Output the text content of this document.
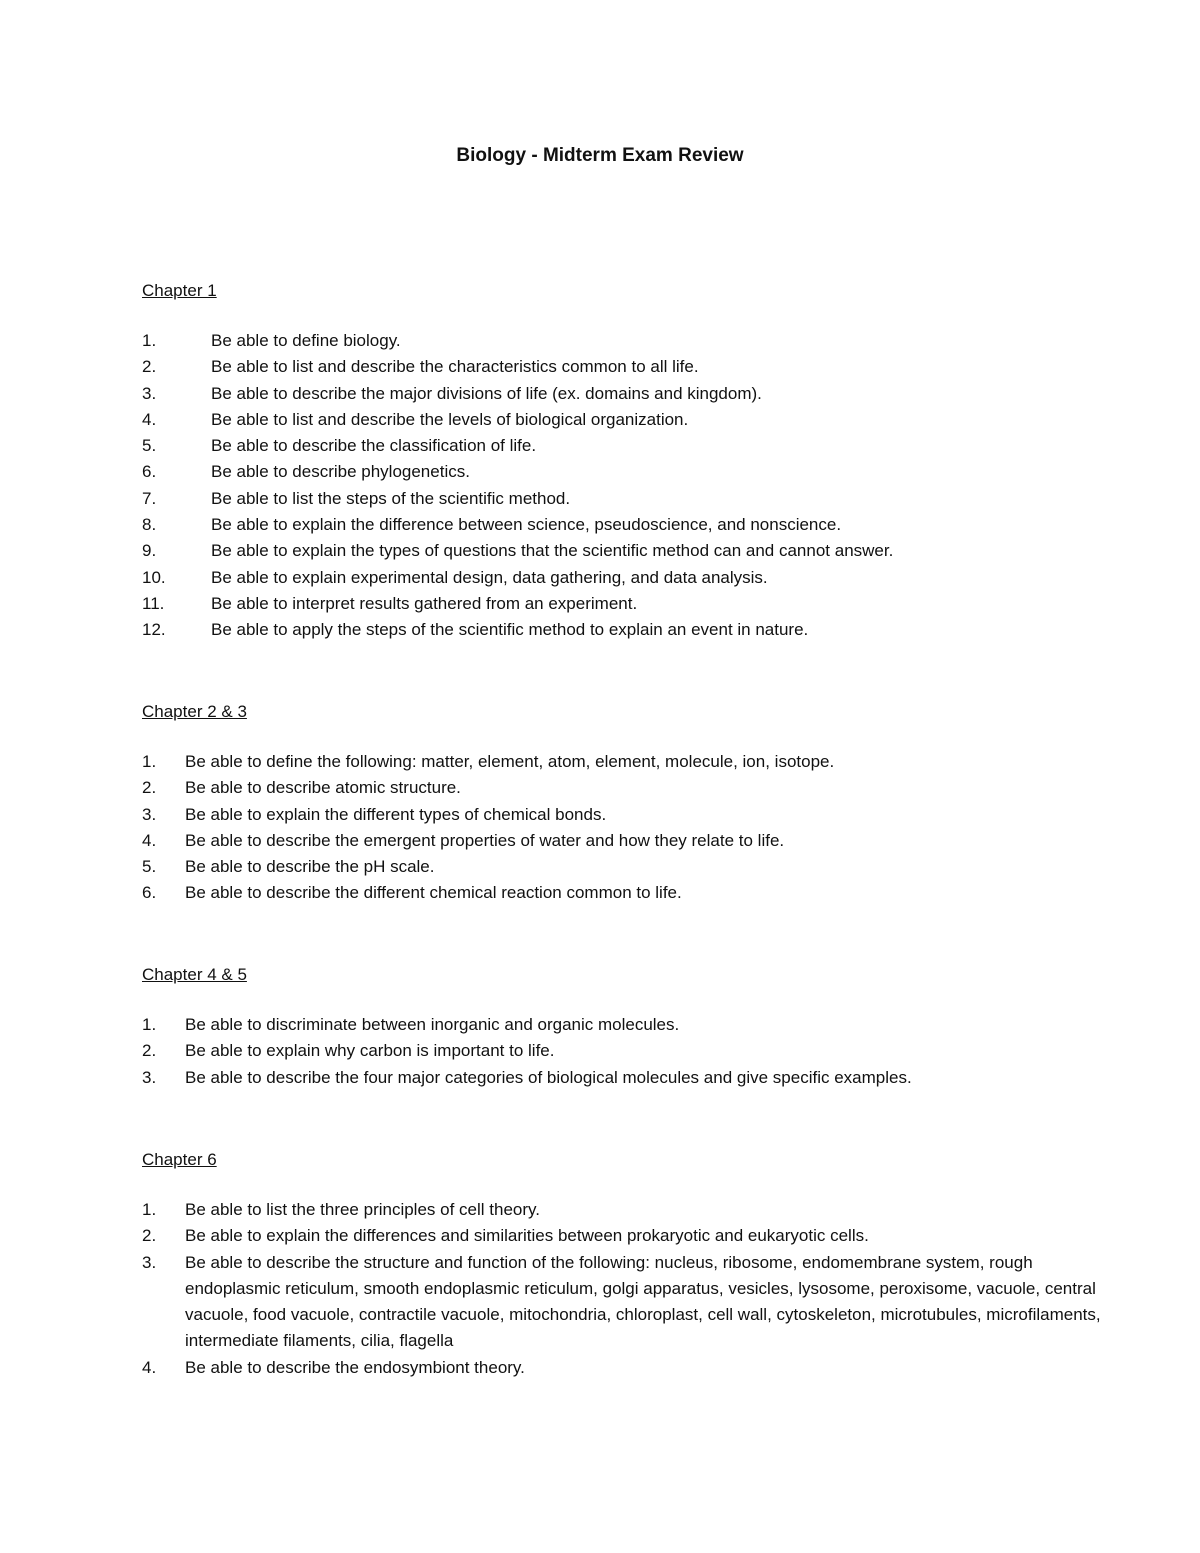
Biology - Midterm Exam Review
Chapter 1
1.	Be able to define biology.
2.	Be able to list and describe the characteristics common to all life.
3.	Be able to describe the major divisions of life (ex. domains and kingdom).
4.	Be able to list and describe the levels of biological organization.
5.	Be able to describe the classification of life.
6.	Be able to describe phylogenetics.
7.	Be able to list the steps of the scientific method.
8.	Be able to explain the difference between science, pseudoscience, and nonscience.
9.	Be able to explain the types of questions that the scientific method can and cannot answer.
10.	Be able to explain experimental design, data gathering, and data analysis.
11.	Be able to interpret results gathered from an experiment.
12.	Be able to apply the steps of the scientific method to explain an event in nature.
Chapter 2 & 3
1.	Be able to define the following: matter, element, atom, element, molecule, ion, isotope.
2.	Be able to describe atomic structure.
3.	Be able to explain the different types of chemical bonds.
4.	Be able to describe the emergent properties of water and how they relate to life.
5.	Be able to describe the pH scale.
6.	Be able to describe the different chemical reaction common to life.
Chapter 4 & 5
1.	Be able to discriminate between inorganic and organic molecules.
2.	Be able to explain why carbon is important to life.
3.	Be able to describe the four major categories of biological molecules and give specific examples.
Chapter 6
1.	Be able to list the three principles of cell theory.
2.	Be able to explain the differences and similarities between prokaryotic and eukaryotic cells.
3.	Be able to describe the structure and function of the following: nucleus, ribosome, endomembrane system, rough endoplasmic reticulum, smooth endoplasmic reticulum, golgi apparatus, vesicles, lysosome, peroxisome, vacuole, central vacuole, food vacuole, contractile vacuole, mitochondria, chloroplast, cell wall, cytoskeleton, microtubules, microfilaments, intermediate filaments, cilia, flagella
4.	Be able to describe the endosymbiont theory.
